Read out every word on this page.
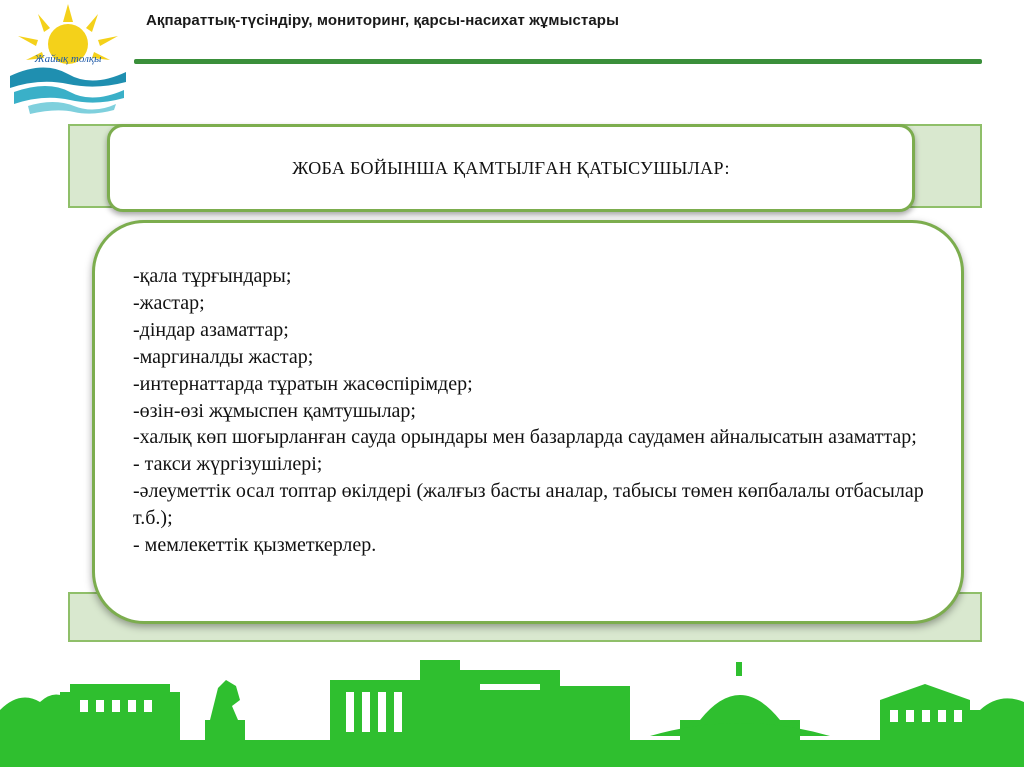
Жайық толқы
Ақпараттық-түсіндіру, мониторинг, қарсы-насихат жұмыстары
ЖОБА БОЙЫНША ҚАМТЫЛҒАН ҚАТЫСУШЫЛАР:
-қала тұрғындары;
-жастар;
-діндар азаматтар;
-маргиналды жастар;
-интернаттарда тұратын жасөспірімдер;
-өзін-өзі жұмыспен қамтушылар;
-халық көп шоғырланған сауда орындары мен базарларда саудамен айналысатын азаматтар;
- такси жүргізушілері;
-әлеуметтік осал топтар өкілдері (жалғыз басты аналар, табысы төмен көпбалалы отбасылар т.б.);
- мемлекеттік қызметкерлер.
